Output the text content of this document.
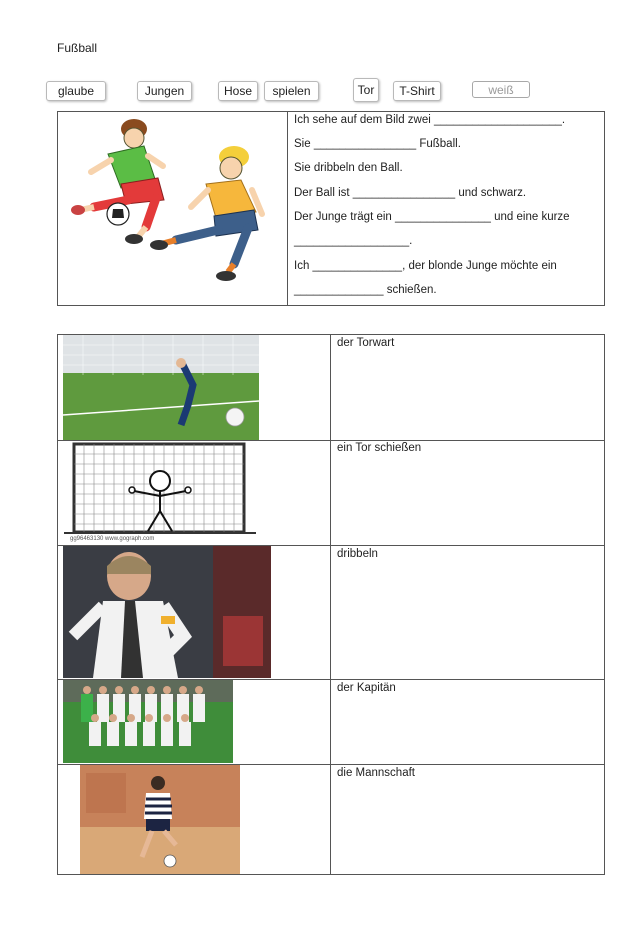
Fußball
glaube	Jungen	Hose	spielen	Tor	T-Shirt	weiß
Ich sehe auf dem Bild zwei ____________________.
Sie ________________ Fußball.
Sie dribbeln den Ball.
Der Ball ist ________________ und schwarz.
Der Junge trägt ein _______________ und eine kurze
__________________.
Ich ______________, der blonde Junge möchte ein
______________ schießen.
der Torwart
gg96463130 www.gograph.com
ein Tor schießen
dribbeln
der Kapitän
die Mannschaft
